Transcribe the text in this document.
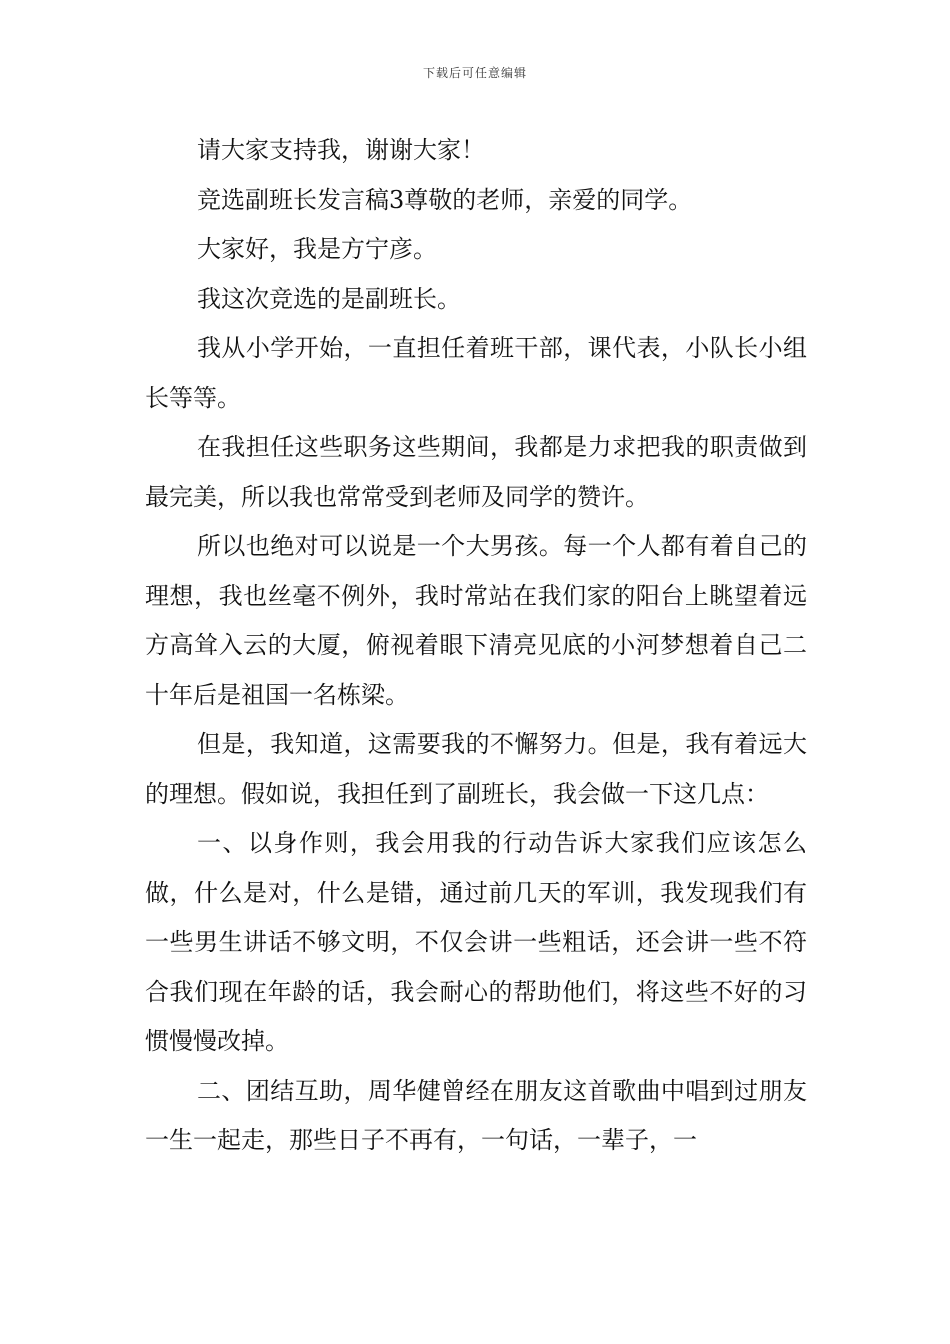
下载后可任意编辑

请大家支持我，谢谢大家！

竞选副班长发言稿3尊敬的老师，亲爱的同学。

大家好，我是方宁彦。

我这次竞选的是副班长。

我从小学开始，一直担任着班干部，课代表，小队长小组长等等。

在我担任这些职务这些期间，我都是力求把我的职责做到最完美，所以我也常常受到老师及同学的赞许。

所以也绝对可以说是一个大男孩。每一个人都有着自己的理想，我也丝毫不例外，我时常站在我们家的阳台上眺望着远方高耸入云的大厦，俯视着眼下清亮见底的小河梦想着自己二十年后是祖国一名栋梁。

但是，我知道，这需要我的不懈努力。但是，我有着远大的理想。假如说，我担任到了副班长，我会做一下这几点：

一、以身作则，我会用我的行动告诉大家我们应该怎么做，什么是对，什么是错，通过前几天的军训，我发现我们有一些男生讲话不够文明，不仅会讲一些粗话，还会讲一些不符合我们现在年龄的话，我会耐心的帮助他们，将这些不好的习惯慢慢改掉。

二、团结互助，周华健曾经在朋友这首歌曲中唱到过朋友一生一起走，那些日子不再有，一句话，一辈子，一
